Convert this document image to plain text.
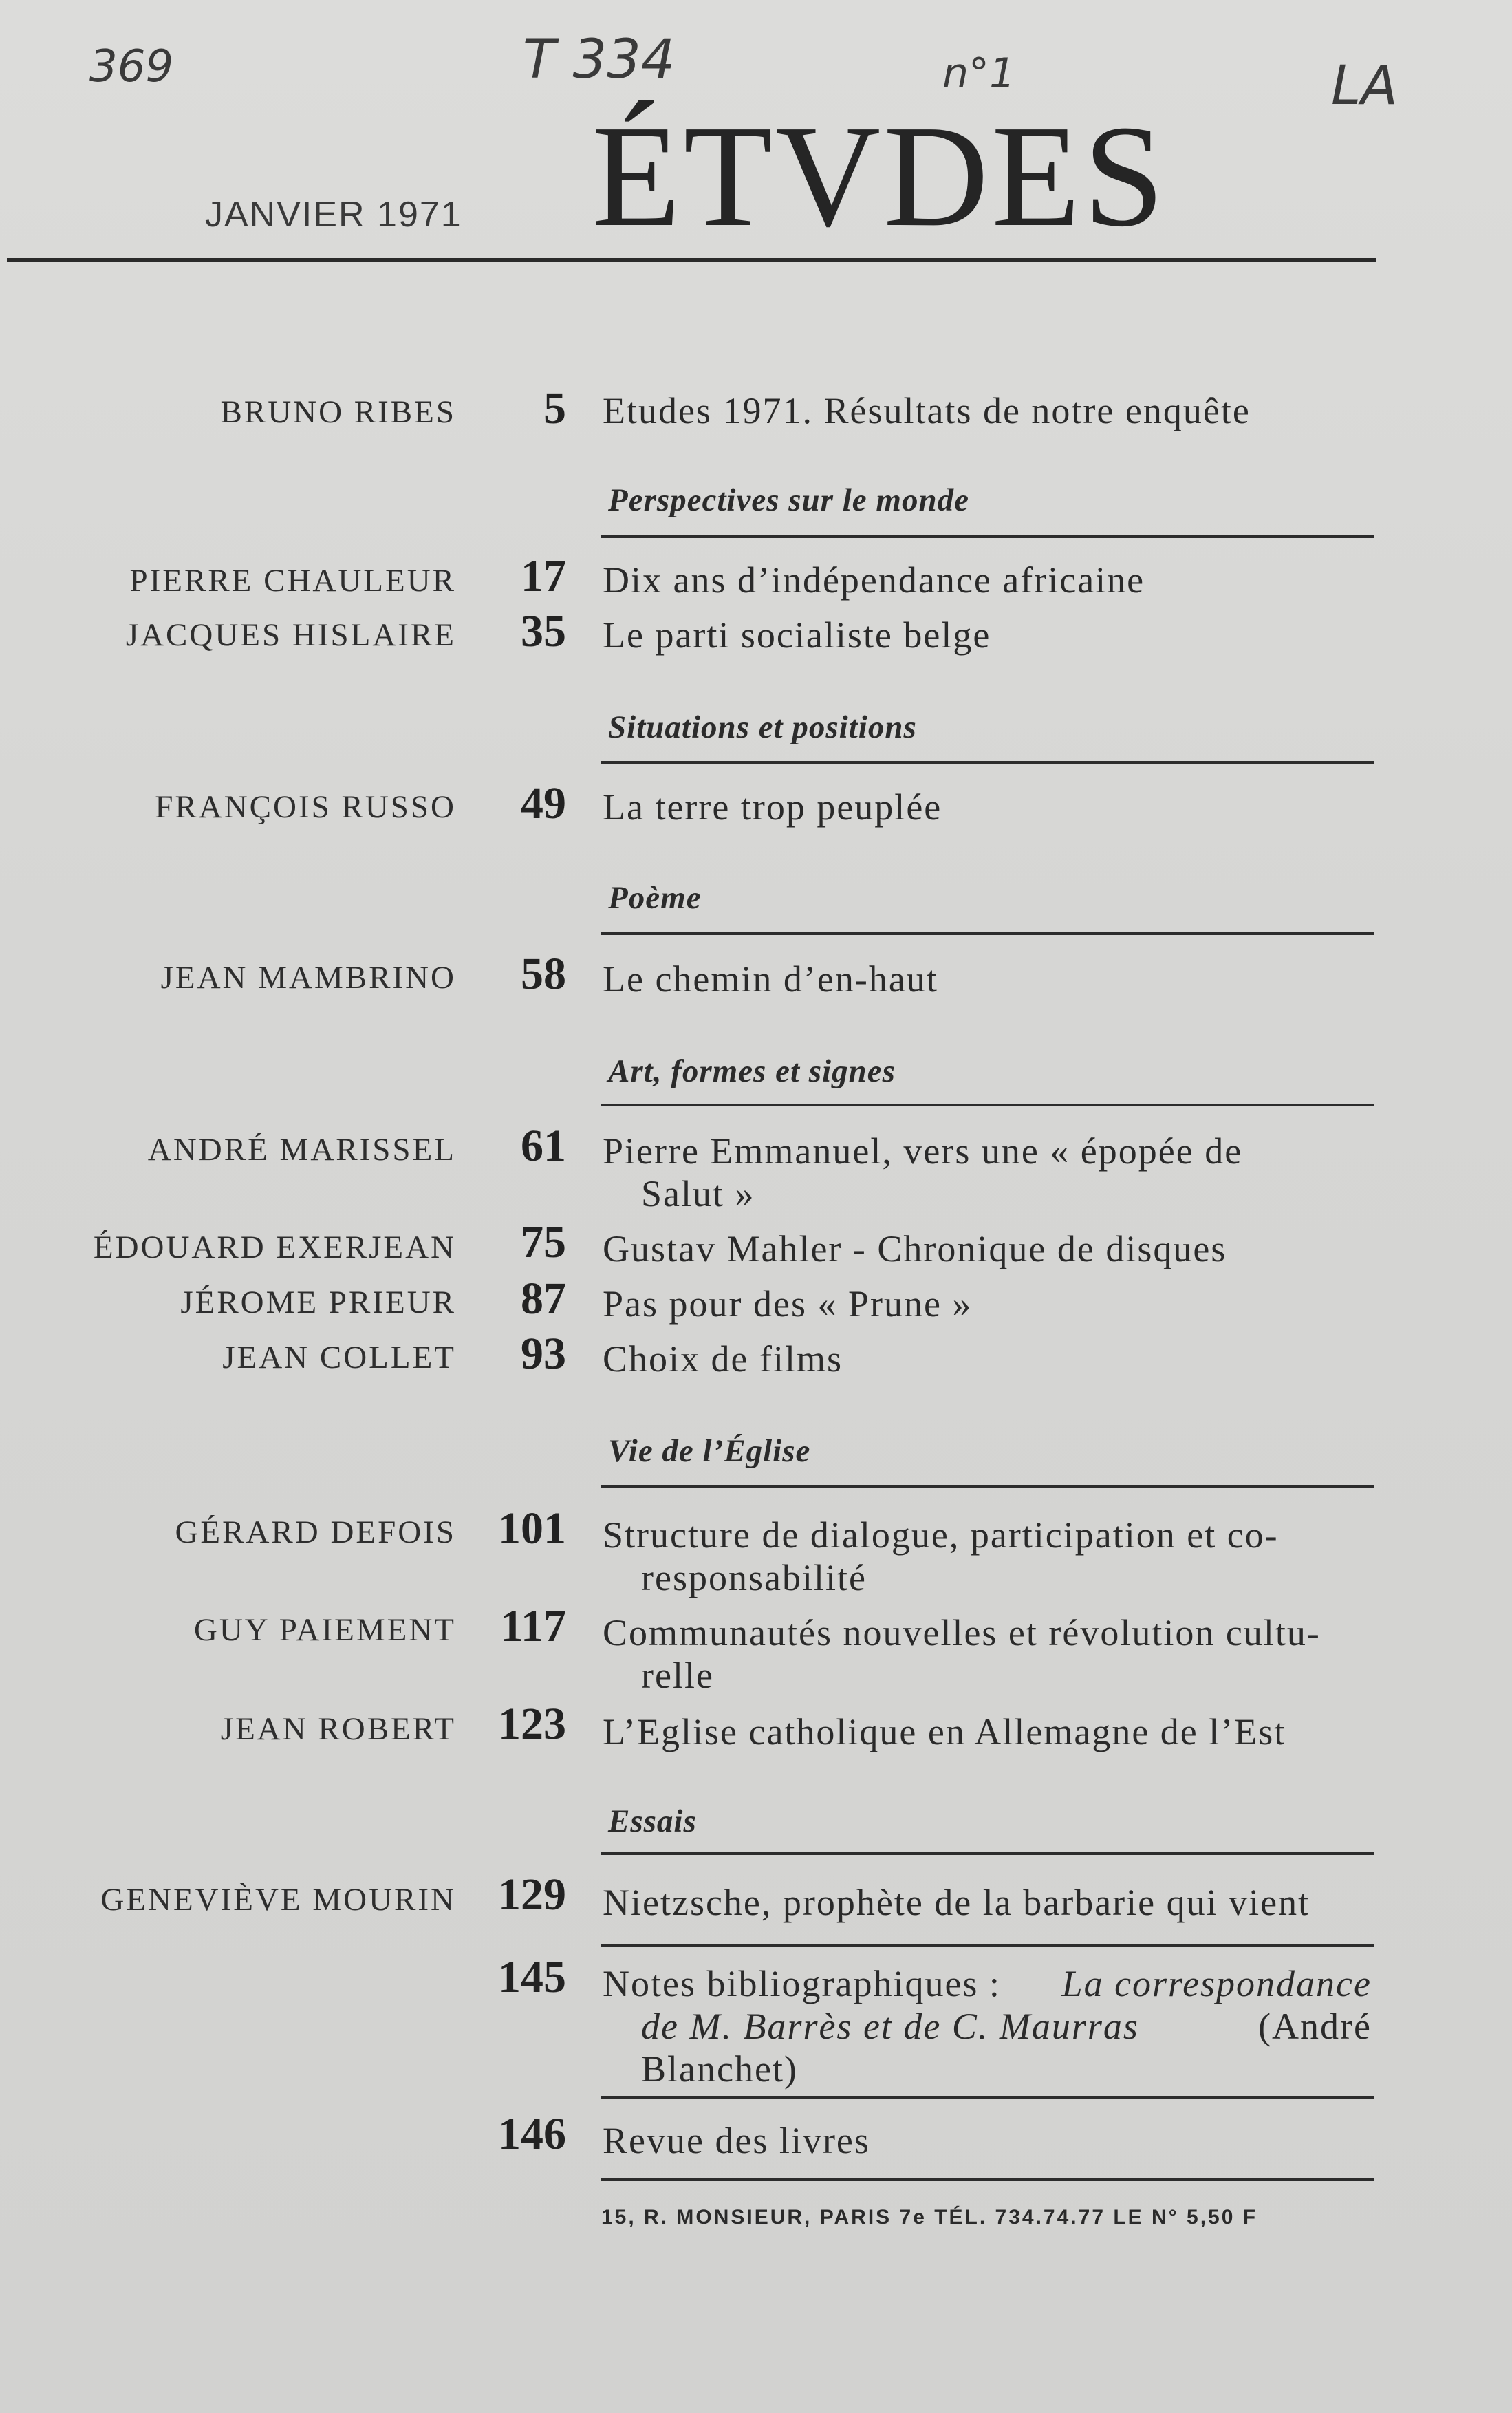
369	T 334	n°1	LA
JANVIER 1971 ÉTVDES
BRUNO RIBES 5 Etudes 1971. Résultats de notre enquête
Perspectives sur le monde
PIERRE CHAULEUR 17 Dix ans d’indépendance africaine
JACQUES HISLAIRE 35 Le parti socialiste belge
Situations et positions
FRANÇOIS RUSSO 49 La terre trop peuplée
Poème
JEAN MAMBRINO 58 Le chemin d’en-haut
Art, formes et signes
ANDRÉ MARISSEL 61 Pierre Emmanuel, vers une « épopée de
Salut »
ÉDOUARD EXERJEAN 75 Gustav Mahler - Chronique de disques
JÉROME PRIEUR 87 Pas pour des « Prune »
JEAN COLLET 93 Choix de films
Vie de l’Église
GÉRARD DEFOIS 101 Structure de dialogue, participation et co-
responsabilité
GUY PAIEMENT 117 Communautés nouvelles et révolution cultu-
relle
JEAN ROBERT 123 L’Eglise catholique en Allemagne de l’Est
Essais
GENEVIÈVE MOURIN 129 Nietzsche, prophète de la barbarie qui vient
145 Notes bibliographiques : La correspondance
de M. Barrès et de C. Maurras	(André
Blanchet)
146 Revue des livres
15, R. MONSIEUR, PARIS 7e TÉL. 734.74.77 LE N° 5,50 F
